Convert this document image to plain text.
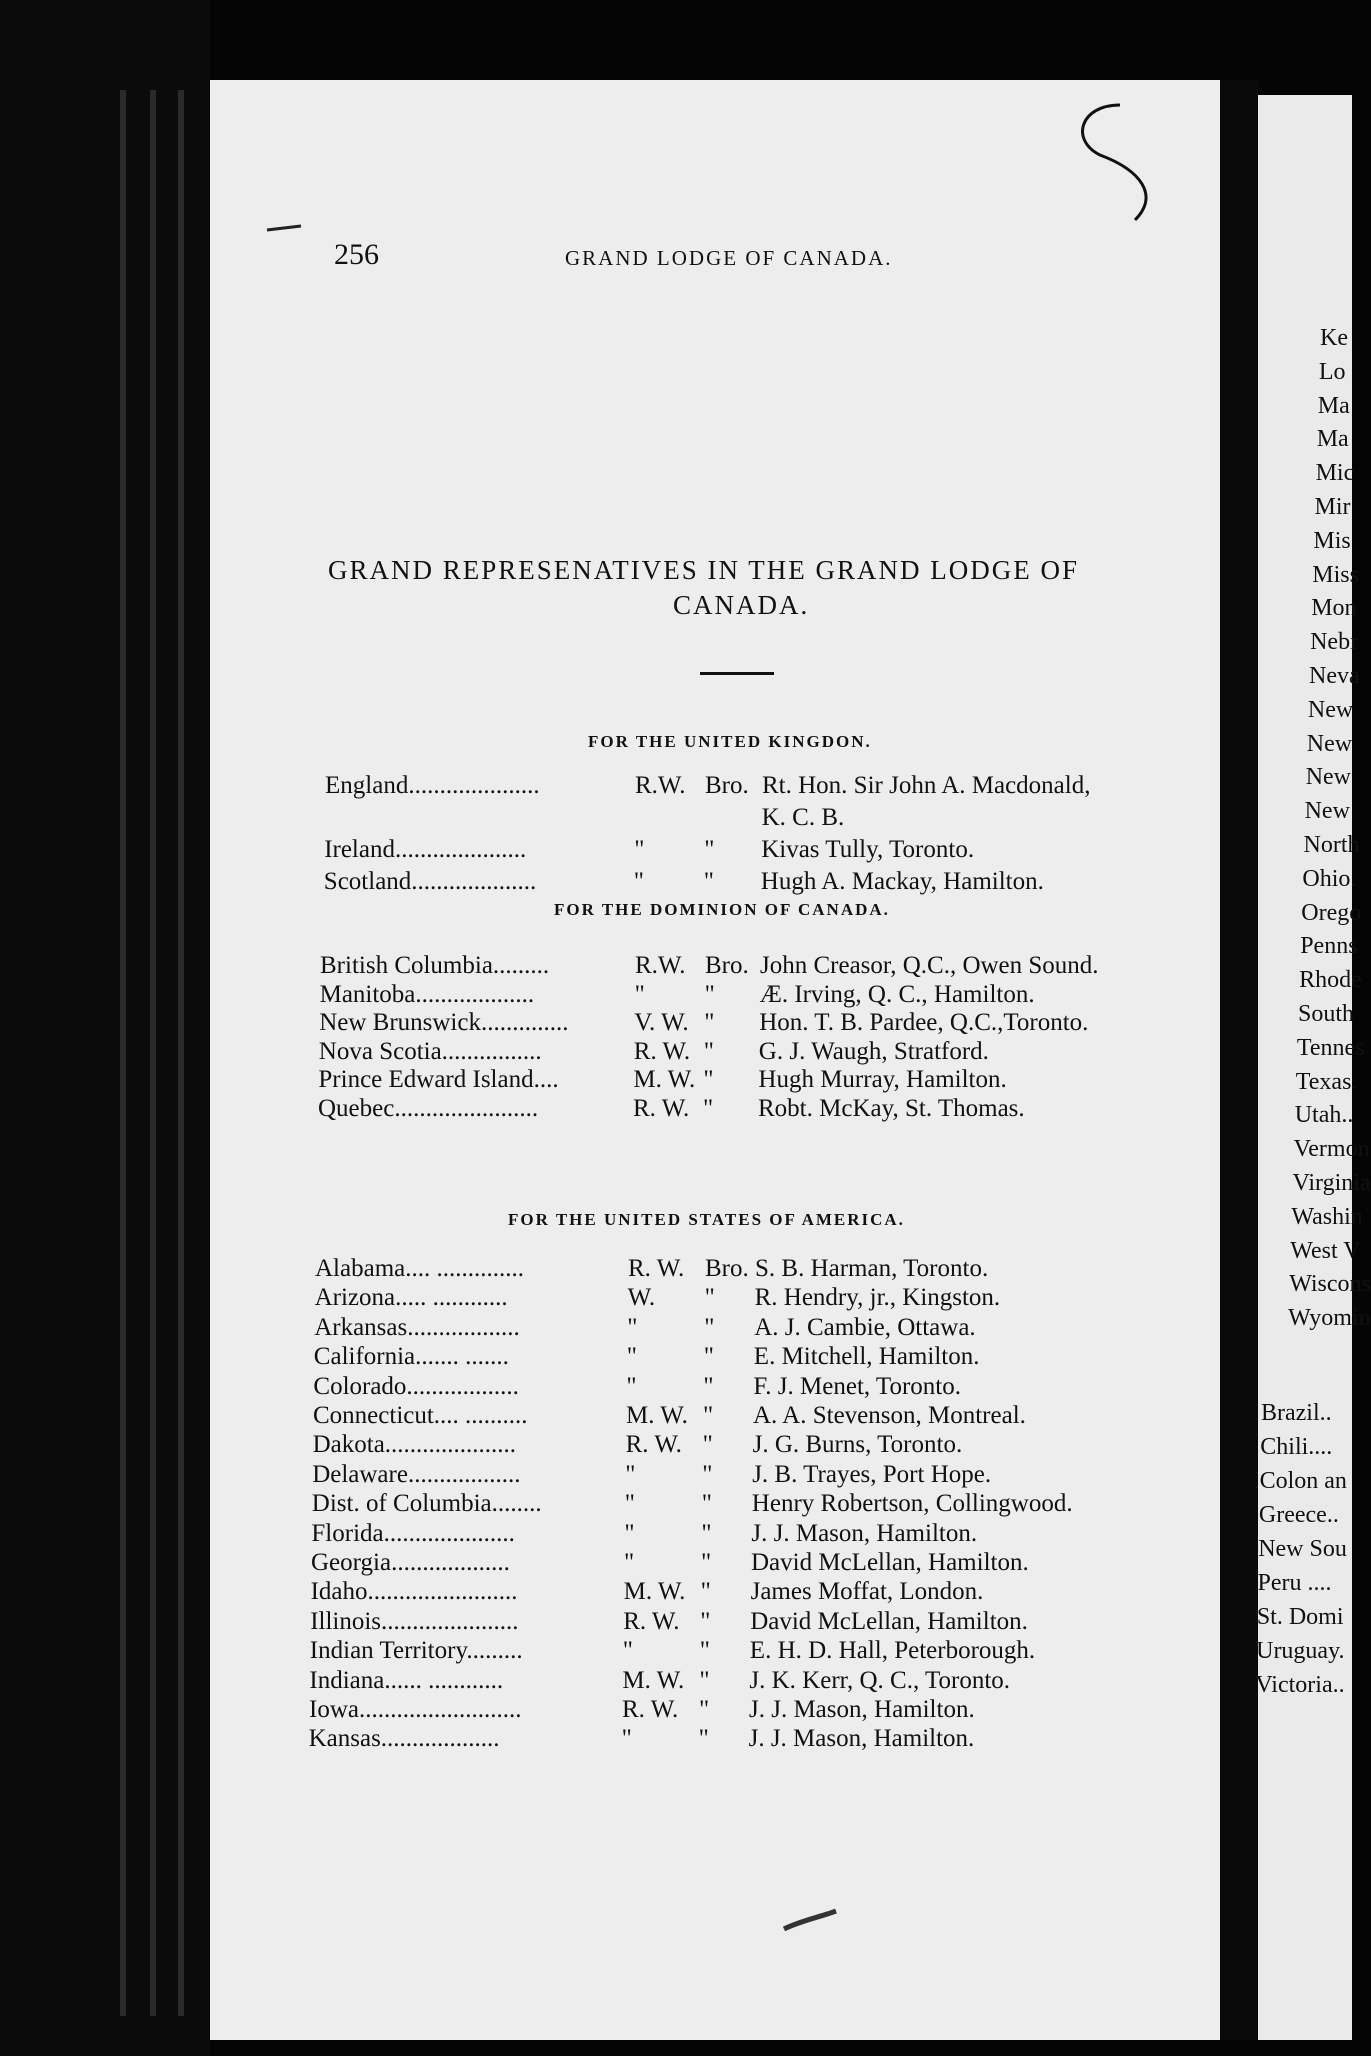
Ke
Lo
Ma
Ma
Mic
Mir
Mis
Miss
Mon
Nebr
Neva
New
New
New
New
North
Ohio.
Orego
Penns
Rhode
South
Tennes
Texas.
Utah..
Vermon
Virginia
Washin
West V
Wiscons
Wyomin
Brazil..
Chili....
Colon an
Greece..
New Sou
Peru ....
St. Domi
Uruguay.
Victoria..
256	GRAND LODGE OF CANADA.
GRAND REPRESENATIVES IN THE GRAND LODGE OF
CANADA.
FOR THE UNITED KINGDON.
England.....................	R.W. Bro. Rt. Hon. Sir John A. Macdonald,
K. C. B.
Ireland.....................	" " Kivas Tully, Toronto.
Scotland....................	" " Hugh A. Mackay, Hamilton.
FOR THE DOMINION OF CANADA.
British Columbia.........	R.W. Bro. John Creasor, Q.C., Owen Sound.
Manitoba...................	" " Æ. Irving, Q. C., Hamilton.
New Brunswick..............	V. W. " Hon. T. B. Pardee, Q.C.,Toronto.
Nova Scotia................	R. W. " G. J. Waugh, Stratford.
Prince Edward Island....	M. W. " Hugh Murray, Hamilton.
Quebec.......................	R. W. " Robt. McKay, St. Thomas.
FOR THE UNITED STATES OF AMERICA.
Alabama.... ..............	R. W. Bro. S. B. Harman, Toronto.
Arizona..... ............	W. " R. Hendry, jr., Kingston.
Arkansas..................	"	" A. J. Cambie, Ottawa.
California....... .......	"	" E. Mitchell, Hamilton.
Colorado..................	"	" F. J. Menet, Toronto.
Connecticut.... ..........	M. W. " A. A. Stevenson, Montreal.
Dakota.....................	R. W. " J. G. Burns, Toronto.
Delaware..................	"	" J. B. Trayes, Port Hope.
Dist. of Columbia........	"	" Henry Robertson, Collingwood.
Florida.....................	"	" J. J. Mason, Hamilton.
Georgia...................	"	" David McLellan, Hamilton.
Idaho........................	M. W. " James Moffat, London.
Illinois......................	R. W. " David McLellan, Hamilton.
Indian Territory.........	"	" E. H. D. Hall, Peterborough.
Indiana...... ............	M. W. " J. K. Kerr, Q. C., Toronto.
Iowa..........................	R. W. " J. J. Mason, Hamilton.
Kansas...................	"	" J. J. Mason, Hamilton.
